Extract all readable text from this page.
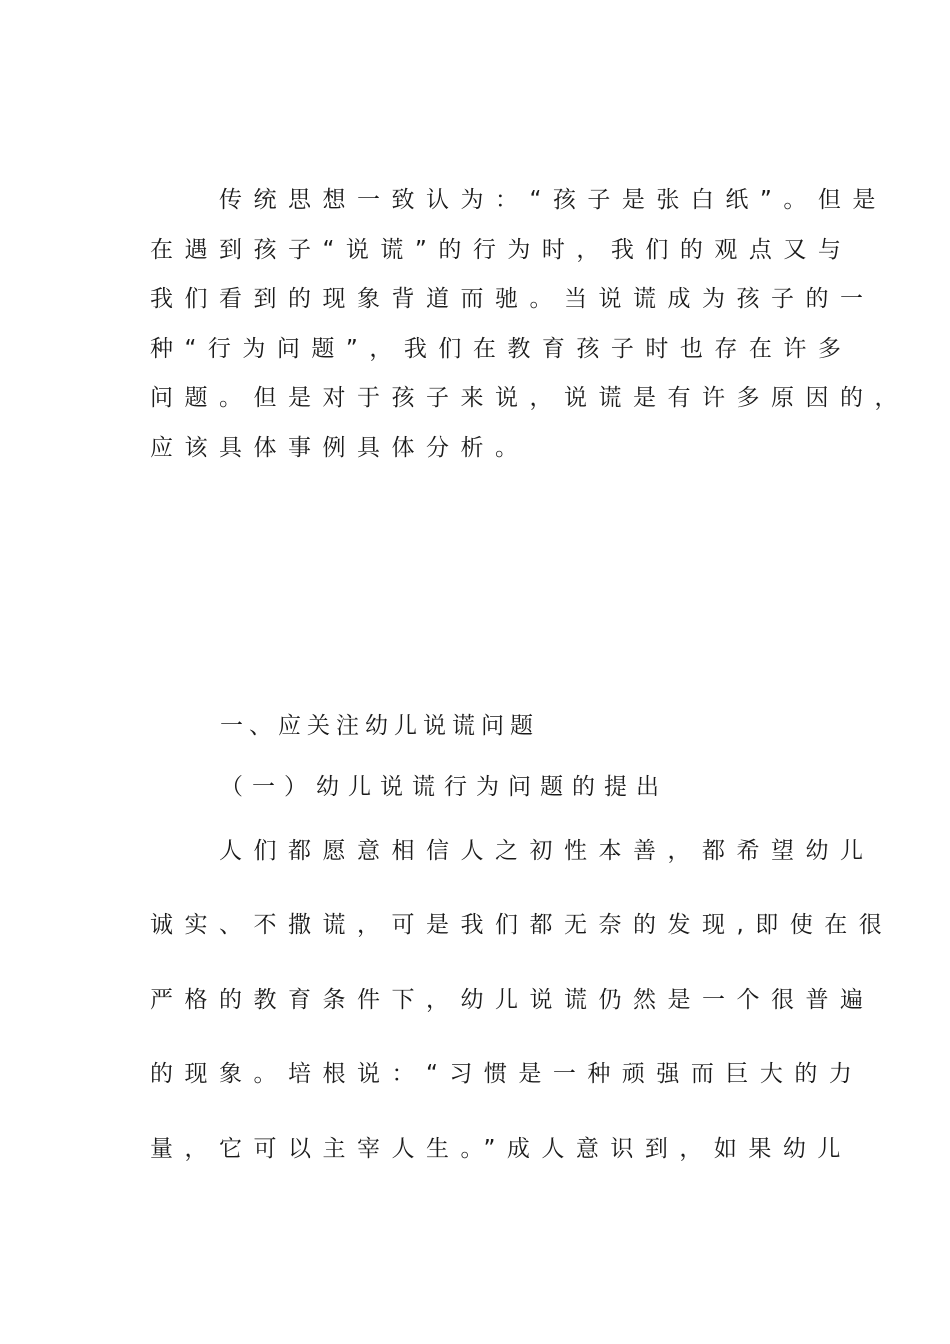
　　传统思想一致认为：“孩子是张白纸”。但是
在遇到孩子“说谎”的行为时，我们的观点又与
我们看到的现象背道而驰。当说谎成为孩子的一
种“行为问题”，我们在教育孩子时也存在许多
问题。但是对于孩子来说，说谎是有许多原因的，
应该具体事例具体分析。
一、应关注幼儿说谎问题
（一）幼儿说谎行为问题的提出
　　人们都愿意相信人之初性本善，都希望幼儿
诚实、不撒谎，可是我们都无奈的发现,即使在很
严格的教育条件下，幼儿说谎仍然是一个很普遍
的现象。培根说：“习惯是一种顽强而巨大的力
量，它可以主宰人生。”成人意识到，如果幼儿
